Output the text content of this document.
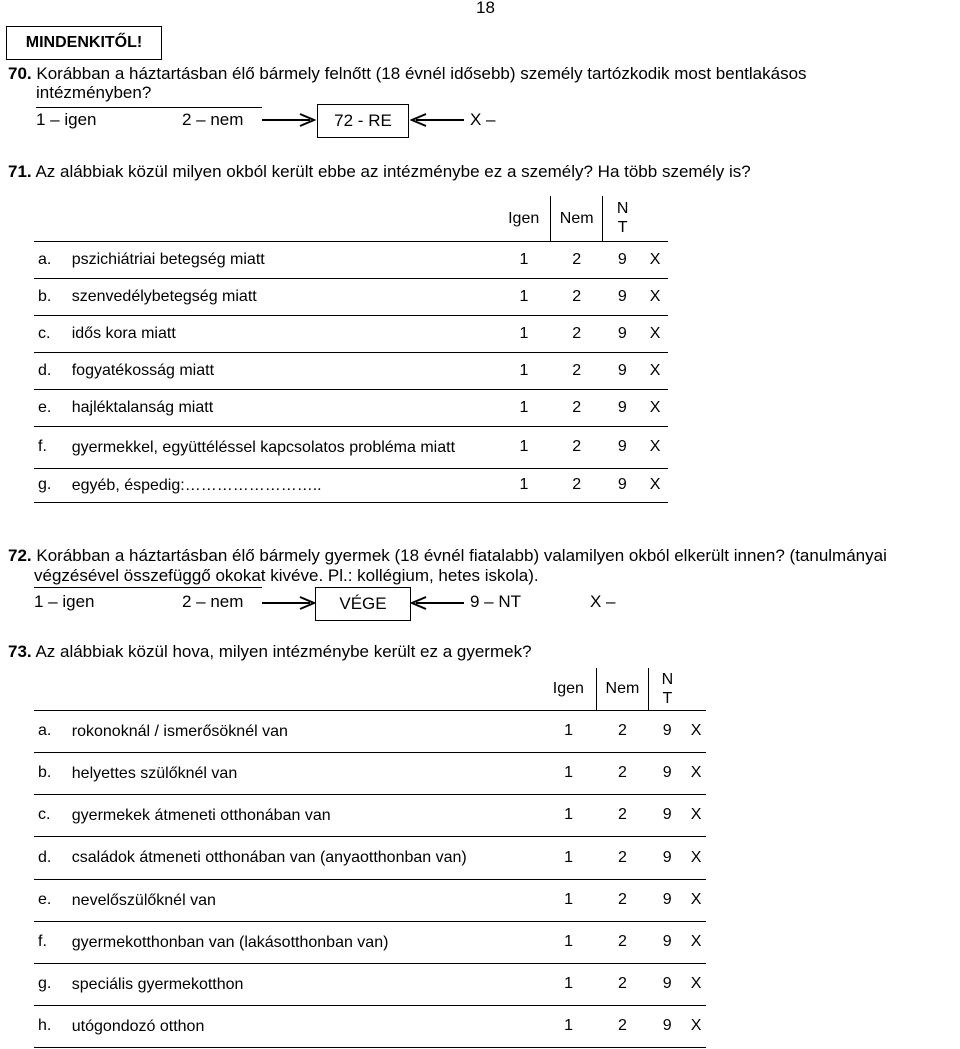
18
MINDENKITŐL!
70. Korábban a háztartásban élő bármely felnőtt (18 évnél idősebb) személy tartózkodik most bentlakásos
intézményben?
1 – igen	2 – nem	72 - RE	X –
71. Az alábbiak közül milyen okból került ebbe az intézménybe ez a személy? Ha több személy is?
		Igen	Nem	N
T	
a.	pszichiátriai betegség miatt	1	2	9	X
b.	szenvedélybetegség miatt	1	2	9	X
c.	idős kora miatt	1	2	9	X
d.	fogyatékosság miatt	1	2	9	X
e.	hajléktalanság miatt	1	2	9	X
f.	gyermekkel, együttéléssel kapcsolatos probléma miatt	1	2	9	X
g.	egyéb, éspedig:……………………..	1	2	9	X
72. Korábban a háztartásban élő bármely gyermek (18 évnél fiatalabb) valamilyen okból elkerült innen? (tanulmányai
végzésével összefüggő okokat kivéve. Pl.: kollégium, hetes iskola).
1 – igen	2 – nem	VÉGE	9 – NT	X –
73. Az alábbiak közül hova, milyen intézménybe került ez a gyermek?
		Igen	Nem	N
T	
a.	rokonoknál / ismerősöknél van	1	2	9	X
b.	helyettes szülőknél van	1	2	9	X
c.	gyermekek átmeneti otthonában van	1	2	9	X
d.	családok átmeneti otthonában van (anyaotthonban van)	1	2	9	X
e.	nevelőszülőknél van	1	2	9	X
f.	gyermekotthonban van (lakásotthonban van)	1	2	9	X
g.	speciális gyermekotthon	1	2	9	X
h.	utógondozó otthon	1	2	9	X
